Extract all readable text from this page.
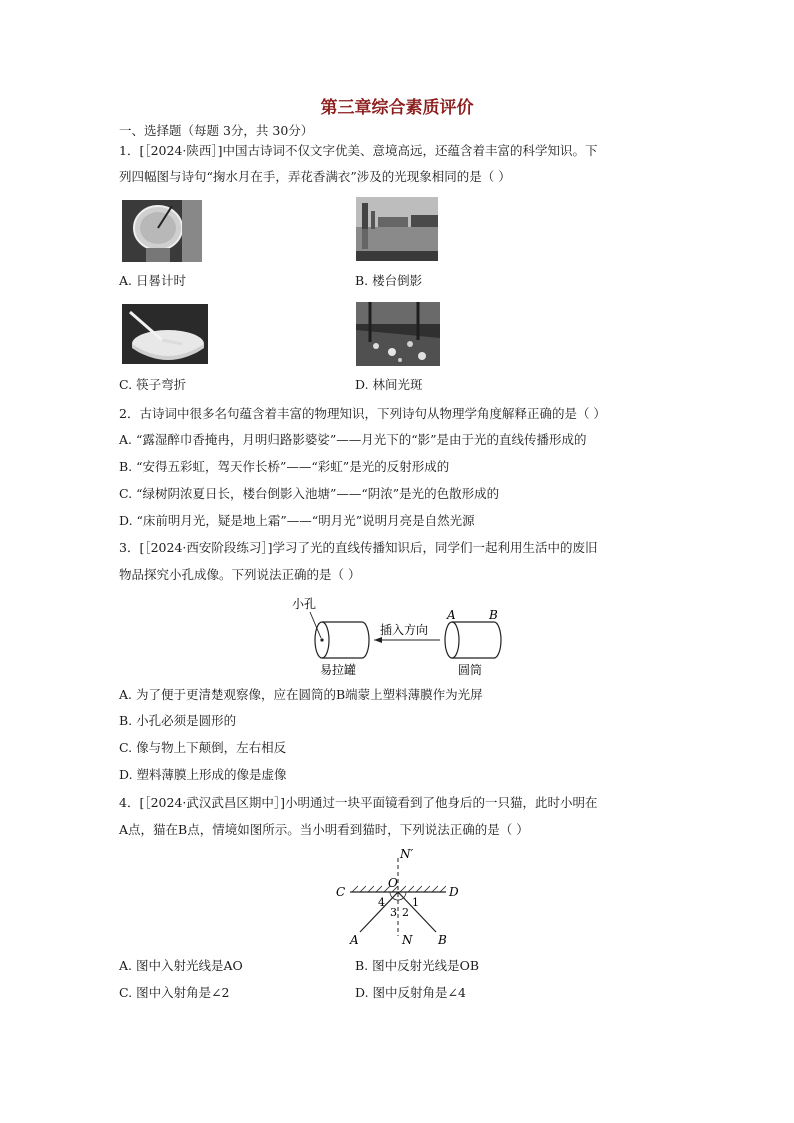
第三章综合素质评价
一、选择题（每题 3分，共 30分）
1．[［2024·陕西］]中国古诗词不仅文字优美、意境高远，还蕴含着丰富的科学知识。下
列四幅图与诗句“掬水月在手，弄花香满衣”涉及的光现象相同的是（ ）
A. 日晷计时	B. 楼台倒影
C. 筷子弯折	D. 林间光斑
2．古诗词中很多名句蕴含着丰富的物理知识，下列诗句从物理学角度解释正确的是（ ）
A. “露湿醉巾香掩冉，月明归路影婆娑”——月光下的“影”是由于光的直线传播形成的
B. “安得五彩虹，驾天作长桥”——“彩虹”是光的反射形成的
C. “绿树阴浓夏日长，楼台倒影入池塘”——“阴浓”是光的色散形成的
D. “床前明月光，疑是地上霜”——“明月光”说明月亮是自然光源
3．[［2024·西安阶段练习］]学习了光的直线传播知识后，同学们一起利用生活中的废旧
物品探究小孔成像。下列说法正确的是（ ）
小孔
易拉罐
插入方向
圆筒
A	B
A. 为了便于更清楚观察像，应在圆筒的B端蒙上塑料薄膜作为光屏
B. 小孔必须是圆形的
C. 像与物上下颠倒，左右相反
D. 塑料薄膜上形成的像是虚像
4．[［2024·武汉武昌区期中］]小明通过一块平面镜看到了他身后的一只猫，此时小明在
A点，猫在B点，情境如图所示。当小明看到猫时，下列说法正确的是（ ）
N′
C
O
D
1
2
3
4
A	N B
A. 图中入射光线是AO	B. 图中反射光线是OB
C. 图中入射角是∠2	D. 图中反射角是∠4
